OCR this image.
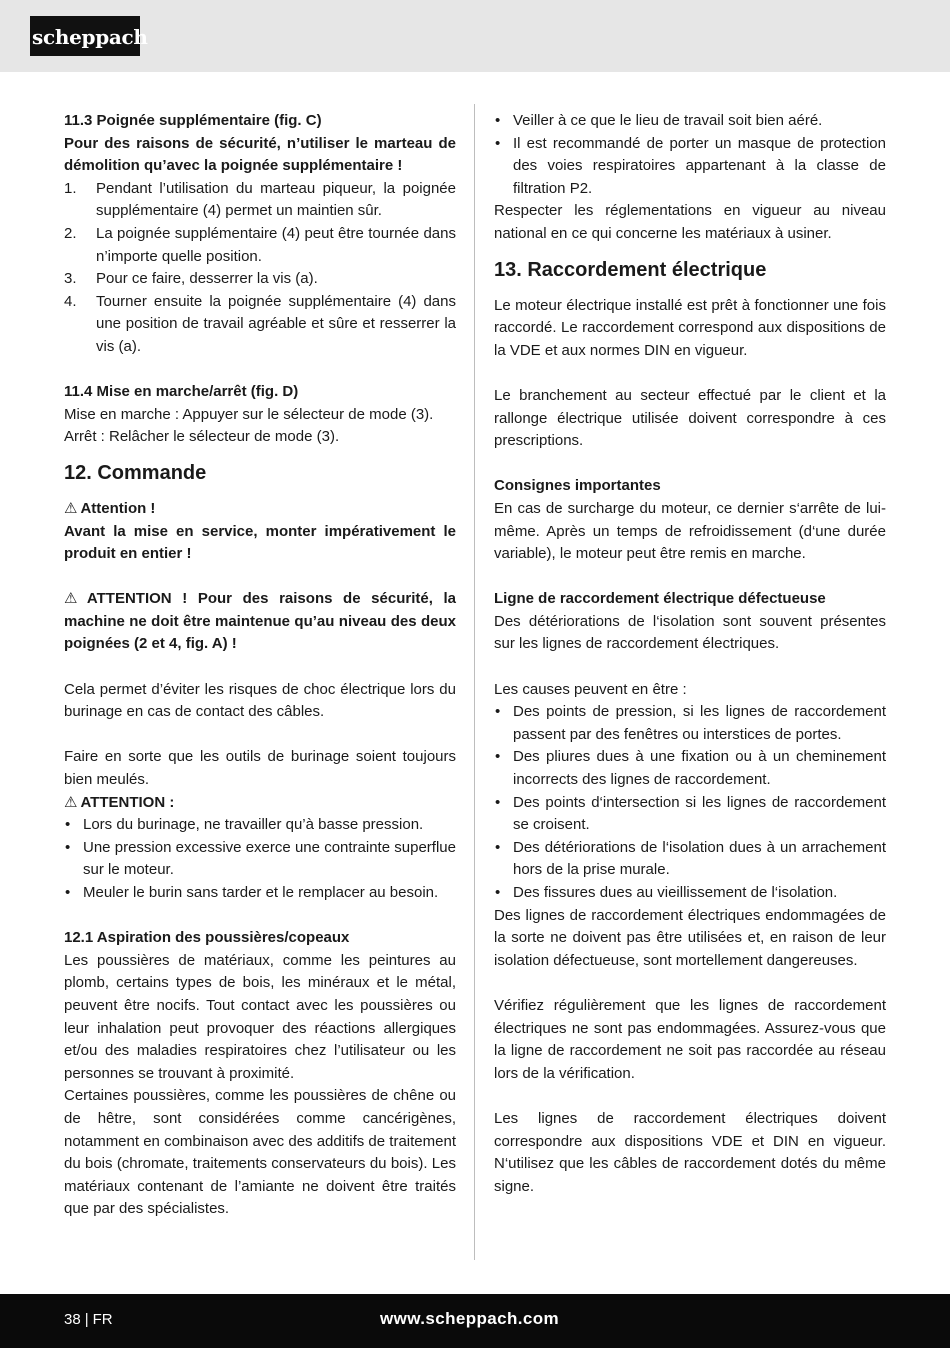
scheppach

11.3 Poignée supplémentaire (fig. C)

Pour des raisons de sécurité, n’utiliser le marteau de démolition qu’avec la poignée supplémentaire !

1. Pendant l’utilisation du marteau piqueur, la poignée supplémentaire (4) permet un maintien sûr.
2. La poignée supplémentaire (4) peut être tournée dans n’importe quelle position.
3. Pour ce faire, desserrer la vis (a).
4. Tourner ensuite la poignée supplémentaire (4) dans une position de travail agréable et sûre et resserrer la vis (a).

11.4 Mise en marche/arrêt (fig. D)

Mise en marche : Appuyer sur le sélecteur de mode (3).

Arrêt : Relâcher le sélecteur de mode (3).

12. Commande

⚠ Attention !

Avant la mise en service, monter impérativement le produit en entier !

⚠ ATTENTION ! Pour des raisons de sécurité, la machine ne doit être maintenue qu’au niveau des deux poignées (2 et 4, fig. A) !

Cela permet d’éviter les risques de choc électrique lors du burinage en cas de contact des câbles.

Faire en sorte que les outils de burinage soient toujours bien meulés.

⚠ ATTENTION :

• Lors du burinage, ne travailler qu’à basse pression.
• Une pression excessive exerce une contrainte superflue sur le moteur.
• Meuler le burin sans tarder et le remplacer au besoin.

12.1 Aspiration des poussières/copeaux

Les poussières de matériaux, comme les peintures au plomb, certains types de bois, les minéraux et le métal, peuvent être nocifs. Tout contact avec les poussières ou leur inhalation peut provoquer des réactions allergiques et/ou des maladies respiratoires chez l’utilisateur ou les personnes se trouvant à proximité.

Certaines poussières, comme les poussières de chêne ou de hêtre, sont considérées comme cancérigènes, notamment en combinaison avec des additifs de traitement du bois (chromate, traitements conservateurs du bois). Les matériaux contenant de l’amiante ne doivent être traités que par des spécialistes.

• Veiller à ce que le lieu de travail soit bien aéré.
• Il est recommandé de porter un masque de protection des voies respiratoires appartenant à la classe de filtration P2.

Respecter les réglementations en vigueur au niveau national en ce qui concerne les matériaux à usiner.

13. Raccordement électrique

Le moteur électrique installé est prêt à fonctionner une fois raccordé. Le raccordement correspond aux dispositions de la VDE et aux normes DIN en vigueur.

Le branchement au secteur effectué par le client et la rallonge électrique utilisée doivent correspondre à ces prescriptions.

Consignes importantes

En cas de surcharge du moteur, ce dernier s‘arrête de lui-même. Après un temps de refroidissement (d‘une durée variable), le moteur peut être remis en marche.

Ligne de raccordement électrique défectueuse

Des détériorations de l‘isolation sont souvent présentes sur les lignes de raccordement électriques.

Les causes peuvent en être :

• Des points de pression, si les lignes de raccordement passent par des fenêtres ou interstices de portes.
• Des pliures dues à une fixation ou à un cheminement incorrects des lignes de raccordement.
• Des points d‘intersection si les lignes de raccordement se croisent.
• Des détériorations de l‘isolation dues à un arrachement hors de la prise murale.
• Des fissures dues au vieillissement de l‘isolation.

Des lignes de raccordement électriques endommagées de la sorte ne doivent pas être utilisées et, en raison de leur isolation défectueuse, sont mortellement dangereuses.

Vérifiez régulièrement que les lignes de raccordement électriques ne sont pas endommagées. Assurez-vous que la ligne de raccordement ne soit pas raccordée au réseau lors de la vérification.

Les lignes de raccordement électriques doivent correspondre aux dispositions VDE et DIN en vigueur. N‘utilisez que les câbles de raccordement dotés du même signe.

38 | FR	www.scheppach.com
